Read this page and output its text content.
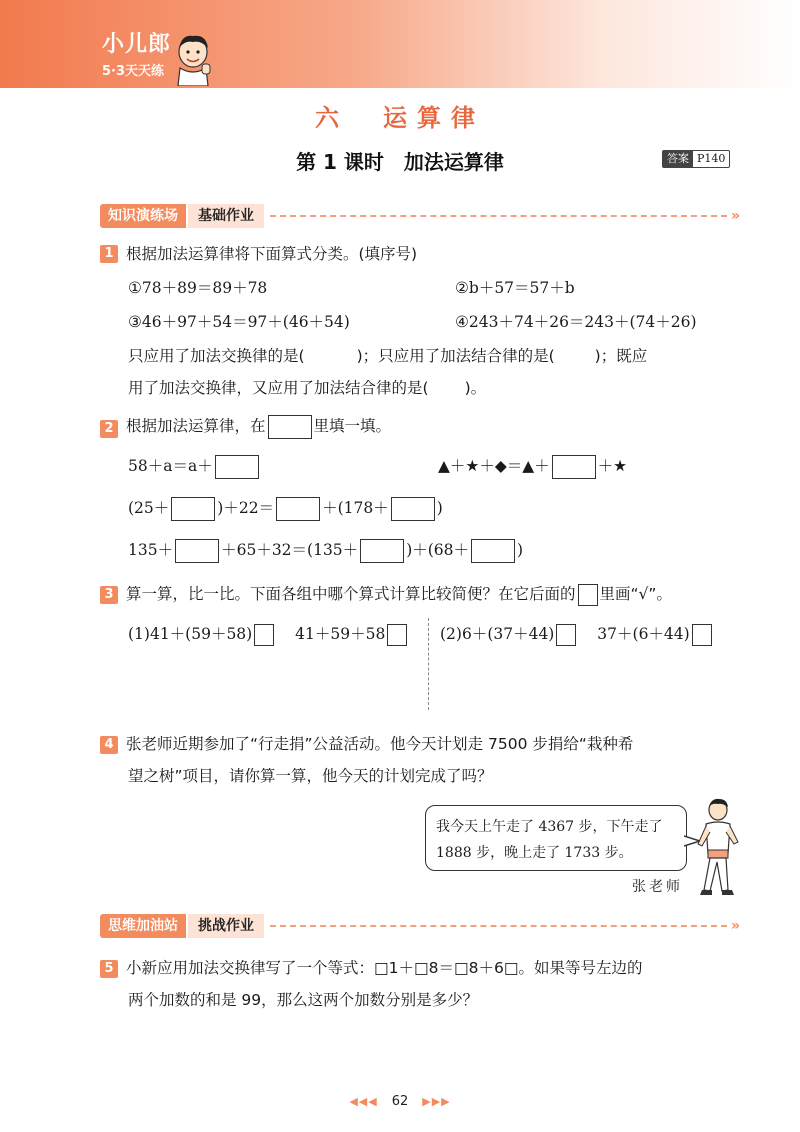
小儿郎
5·3天天练
六　运算律
第 1 课时　加法运算律	答案 P140
知识演练场	基础作业	»
1 根据加法运算律将下面算式分类。(填序号)
①78＋89＝89＋78	②b＋57＝57＋b
③46＋97＋54＝97＋(46＋54)	④243＋74＋26＝243＋(74＋26)
只应用了加法交换律的是(	)；只应用了加法结合律的是(	)；既应
用了加法交换律，又应用了加法结合律的是( )。
2 根据加法运算律，在	里填一填。
58＋a＝a＋	▲＋★＋◆＝▲＋	＋★
(25＋	)＋22＝	＋(178＋	)
135＋	＋65＋32＝(135＋	)＋(68＋	)
3 算一算，比一比。下面各组中哪个算式计算比较简便？在它后面的 里画“√”。
(1)41＋(59＋58)	41＋59＋58	(2)6＋(37＋44)	37＋(6＋44)
4 张老师近期参加了“行走捐”公益活动。他今天计划走 7500 步捐给“栽种希
望之树”项目，请你算一算，他今天的计划完成了吗？
我今天上午走了 4367 步，下午走了
1888 步，晚上走了 1733 步。
张老师
思维加油站	挑战作业	»
5 小新应用加法交换律写了一个等式：□1＋□8＝□8＋6□。如果等号左边的
两个加数的和是 99，那么这两个加数分别是多少？
◀◀◀ 62 ▶▶▶
